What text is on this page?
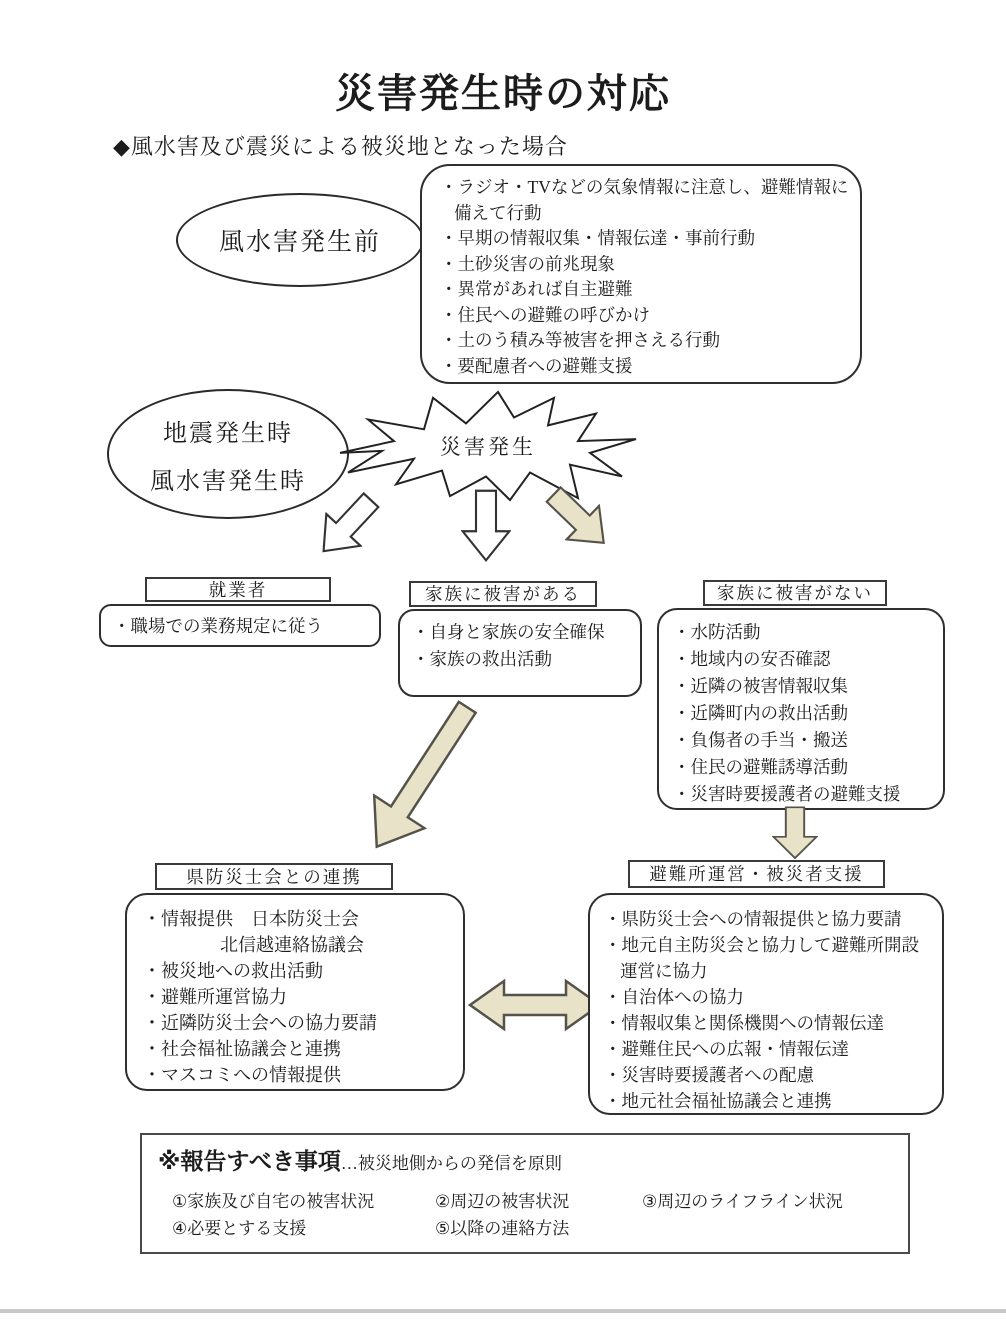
災害発生時の対応
◆風水害及び震災による被災地となった場合
風水害発生前
・ラジオ・TVなどの気象情報に注意し、避難情報に
備えて行動
・早期の情報収集・情報伝達・事前行動
・土砂災害の前兆現象
・異常があれば自主避難
・住民への避難の呼びかけ
・土のう積み等被害を押さえる行動
・要配慮者への避難支援
地震発生時
風水害発生時
災害発生
就業者
・職場での業務規定に従う
家族に被害がある
・自身と家族の安全確保
・家族の救出活動
家族に被害がない
・水防活動
・地域内の安否確認
・近隣の被害情報収集
・近隣町内の救出活動
・負傷者の手当・搬送
・住民の避難誘導活動
・災害時要援護者の避難支援
県防災士会との連携
・情報提供　日本防災士会
北信越連絡協議会
・被災地への救出活動
・避難所運営協力
・近隣防災士会への協力要請
・社会福祉協議会と連携
・マスコミへの情報提供
避難所運営・被災者支援
・県防災士会への情報提供と協力要請
・地元自主防災会と協力して避難所開設
運営に協力
・自治体への協力
・情報収集と関係機関への情報伝達
・避難住民への広報・情報伝達
・災害時要援護者への配慮
・地元社会福祉協議会と連携
※報告すべき事項…被災地側からの発信を原則
①家族及び自宅の被害状況	②周辺の被害状況	③周辺のライフライン状況
④必要とする支援	⑤以降の連絡方法
